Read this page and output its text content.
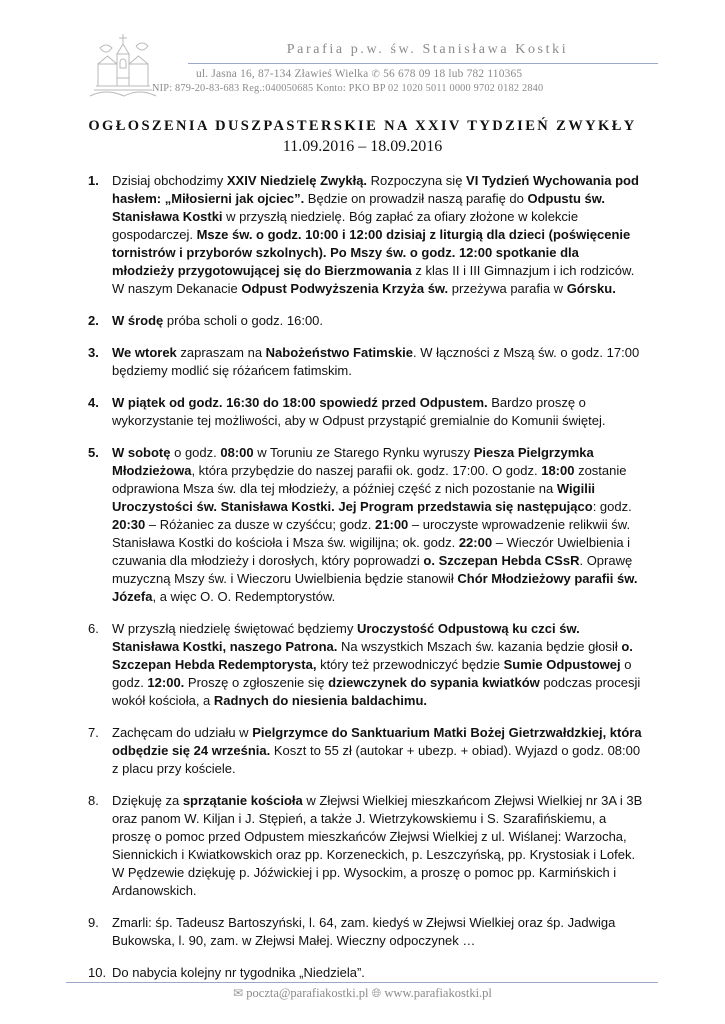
Parafia p.w. św. Stanisława Kostki
ul. Jasna 16, 87-134 Zławieś Wielka ✆ 56 678 09 18 lub 782 110365
NIP: 879-20-83-683 Reg.:040050685 Konto: PKO BP 02 1020 5011 0000 9702 0182 2840
OGŁOSZENIA DUSZPASTERSKIE NA XXIV TYDZIEŃ ZWYKŁY
11.09.2016 – 18.09.2016
1. Dzisiaj obchodzimy XXIV Niedzielę Zwykłą. Rozpoczyna się VI Tydzień Wychowania pod hasłem: „Miłosierni jak ojciec”. Będzie on prowadził naszą parafię do Odpustu św. Stanisława Kostki w przyszłą niedzielę. Bóg zapłać za ofiary złożone w kolekcie gospodarczej. Msze św. o godz. 10:00 i 12:00 dzisiaj z liturgią dla dzieci (poświęcenie tornistrów i przyborów szkolnych). Po Mszy św. o godz. 12:00 spotkanie dla młodzieży przygotowującej się do Bierzmowania z klas II i III Gimnazjum i ich rodziców. W naszym Dekanacie Odpust Podwyższenia Krzyża św. przeżywa parafia w Górsku.
2. W środę próba scholi o godz. 16:00.
3. We wtorek zapraszam na Nabożeństwo Fatimskie. W łączności z Mszą św. o godz. 17:00 będziemy modlić się różańcem fatimskim.
4. W piątek od godz. 16:30 do 18:00 spowiedź przed Odpustem. Bardzo proszę o wykorzystanie tej możliwości, aby w Odpust przystąpić gremialnie do Komunii świętej.
5. W sobotę o godz. 08:00 w Toruniu ze Starego Rynku wyruszy Piesza Pielgrzymka Młodzieżowa, która przybędzie do naszej parafii ok. godz. 17:00. O godz. 18:00 zostanie odprawiona Msza św. dla tej młodzieży, a później część z nich pozostanie na Wigilii Uroczystości św. Stanisława Kostki. Jej Program przedstawia się następująco: godz. 20:30 – Różaniec za dusze w czyśćcu; godz. 21:00 – uroczyste wprowadzenie relikwii św. Stanisława Kostki do kościoła i Msza św. wigilijna; ok. godz. 22:00 – Wieczór Uwielbienia i czuwania dla młodzieży i dorosłych, który poprowadzi o. Szczepan Hebda CSsR. Oprawę muzyczną Mszy św. i Wieczoru Uwielbienia będzie stanowił Chór Młodzieżowy parafii św. Józefa, a więc O. O. Redemptorystów.
6. W przyszłą niedzielę świętować będziemy Uroczystość Odpustową ku czci św. Stanisława Kostki, naszego Patrona. Na wszystkich Mszach św. kazania będzie głosił o. Szczepan Hebda Redemptorysta, który też przewodniczyć będzie Sumie Odpustowej o godz. 12:00. Proszę o zgłoszenie się dziewczynek do sypania kwiatków podczas procesji wokół kościoła, a Radnych do niesienia baldachimu.
7. Zachęcam do udziału w Pielgrzymce do Sanktuarium Matki Bożej Gietrzwałdzkiej, która odbędzie się 24 września. Koszt to 55 zł (autokar + ubezp. + obiad). Wyjazd o godz. 08:00 z placu przy kościele.
8. Dziękuję za sprzątanie kościoła w Złejwsi Wielkiej mieszkańcom Złejwsi Wielkiej nr 3A i 3B oraz panom W. Kiljan i J. Stępień, a także J. Wietrzykowskiemu i S. Szarafińskiemu, a proszę o pomoc przed Odpustem mieszkańców Złejwsi Wielkiej z ul. Wiślanej: Warzocha, Siennickich i Kwiatkowskich oraz pp. Korzeneckich, p. Leszczyńską, pp. Krystosiak i Lofek. W Pędzewie dziękuję p. Jóźwickiej i pp. Wysockim, a proszę o pomoc pp. Karmińskich i Ardanowskich.
9. Zmarli: śp. Tadeusz Bartoszyński, l. 64, zam. kiedyś w Złejwsi Wielkiej oraz śp. Jadwiga Bukowska, l. 90, zam. w Złejwsi Małej. Wieczny odpoczynek …
10. Do nabycia kolejny nr tygodnika „Niedziela”.
✉ poczta@parafiakostki.pl 🌐︎ www.parafiakostki.pl
